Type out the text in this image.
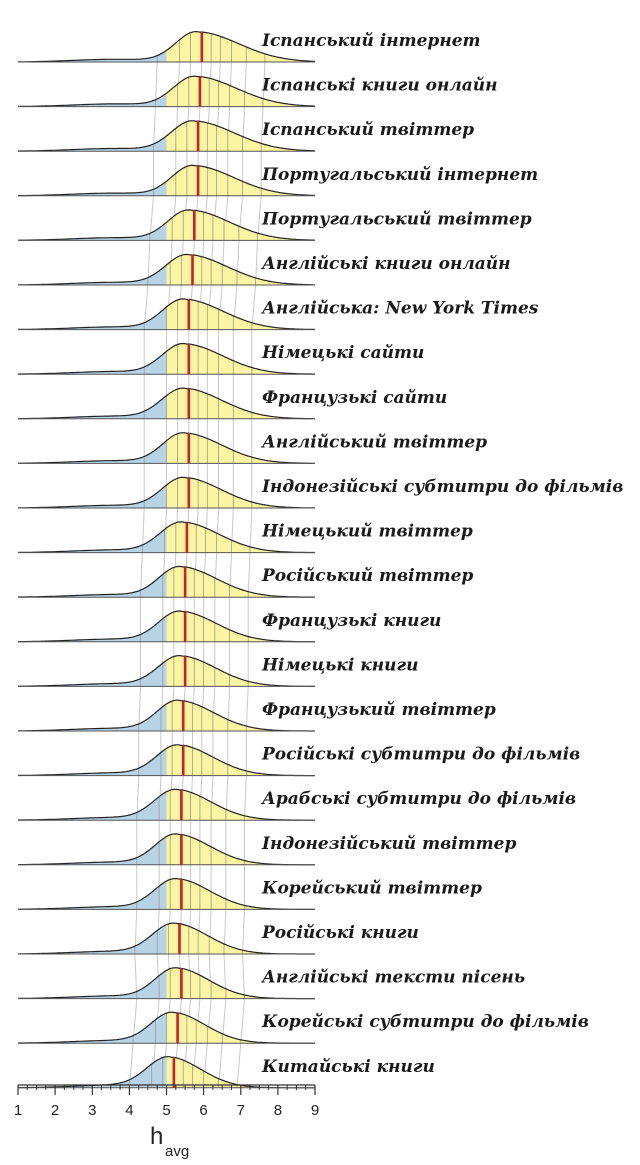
Іспанський інтернет
Іспанські книги онлайн
Іспанський твіттер
Португальський інтернет
Португальський твіттер
Англійські книги онлайн
Англійська: New York Times
Німецькі сайти
Французькі сайти
Англійський твіттер
Індонезійські субтитри до фільмів
Німецький твіттер
Російський твіттер
Французькі книги
Німецькі книги
Французький твіттер
Російські субтитри до фільмів
Арабські субтитри до фільмів
Індонезійський твіттер
Корейський твіттер
Російські книги
Англійські тексти пісень
Корейські субтитри до фільмів
Китайські книги
1 2 3 4 5 6 7 8 9
h
avg
